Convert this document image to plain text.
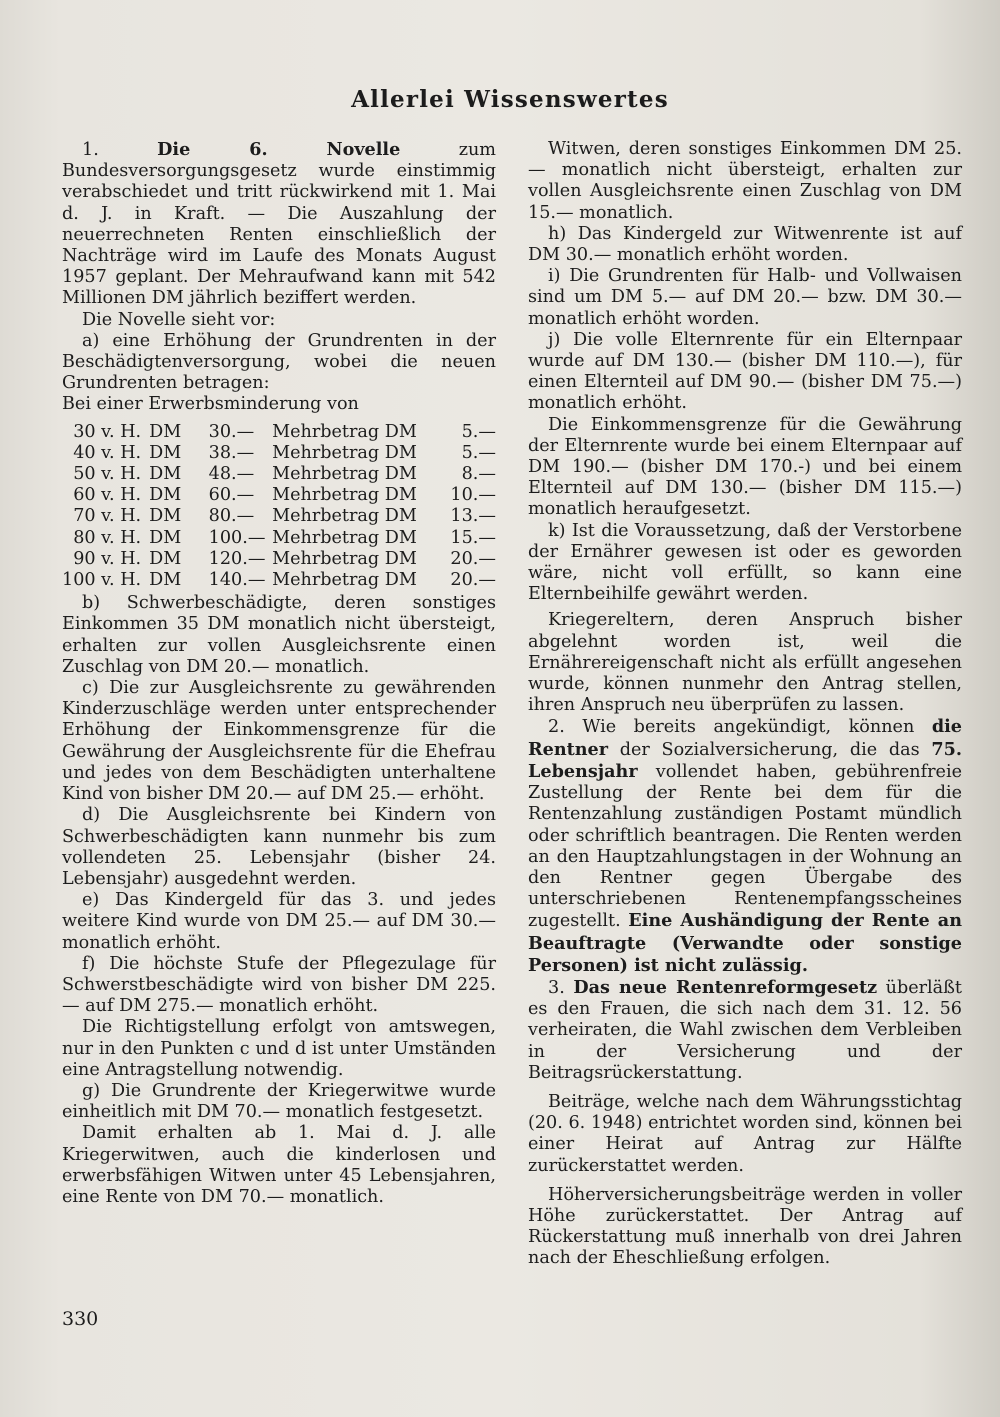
Allerlei Wissenswertes

1. Die 6. Novelle zum Bundesversorgungsgesetz wurde einstimmig verabschiedet und tritt rückwirkend mit 1. Mai d. J. in Kraft. — Die Auszahlung der neuerrechneten Renten einschließlich der Nachträge wird im Laufe des Monats August 1957 geplant. Der Mehraufwand kann mit 542 Millionen DM jährlich beziffert werden.

Die Novelle sieht vor:

a) eine Erhöhung der Grundrenten in der Beschädigtenversorgung, wobei die neuen Grundrenten betragen:

Bei einer Erwerbsminderung von

30 v. H.	DM	30.—	Mehrbetrag DM	5.—
40 v. H.	DM	38.—	Mehrbetrag DM	5.—
50 v. H.	DM	48.—	Mehrbetrag DM	8.—
60 v. H.	DM	60.—	Mehrbetrag DM	10.—
70 v. H.	DM	80.—	Mehrbetrag DM	13.—
80 v. H.	DM	100.—	Mehrbetrag DM	15.—
90 v. H.	DM	120.—	Mehrbetrag DM	20.—
100 v. H.	DM	140.—	Mehrbetrag DM	20.—

b) Schwerbeschädigte, deren sonstiges Einkommen 35 DM monatlich nicht übersteigt, erhalten zur vollen Ausgleichsrente einen Zuschlag von DM 20.— monatlich.

c) Die zur Ausgleichsrente zu gewährenden Kinderzuschläge werden unter entsprechender Erhöhung der Einkommensgrenze für die Gewährung der Ausgleichsrente für die Ehefrau und jedes von dem Beschädigten unterhaltene Kind von bisher DM 20.— auf DM 25.— erhöht.

d) Die Ausgleichsrente bei Kindern von Schwerbeschädigten kann nunmehr bis zum vollendeten 25. Lebensjahr (bisher 24. Lebensjahr) ausgedehnt werden.

e) Das Kindergeld für das 3. und jedes weitere Kind wurde von DM 25.— auf DM 30.— monatlich erhöht.

f) Die höchste Stufe der Pflegezulage für Schwerstbeschädigte wird von bisher DM 225.— auf DM 275.— monatlich erhöht.

Die Richtigstellung erfolgt von amtswegen, nur in den Punkten c und d ist unter Umständen eine Antragstellung notwendig.

g) Die Grundrente der Kriegerwitwe wurde einheitlich mit DM 70.— monatlich festgesetzt.

Damit erhalten ab 1. Mai d. J. alle Kriegerwitwen, auch die kinderlosen und erwerbsfähigen Witwen unter 45 Lebensjahren, eine Rente von DM 70.— monatlich.

Witwen, deren sonstiges Einkommen DM 25.— monatlich nicht übersteigt, erhalten zur vollen Ausgleichsrente einen Zuschlag von DM 15.— monatlich.

h) Das Kindergeld zur Witwenrente ist auf DM 30.— monatlich erhöht worden.

i) Die Grundrenten für Halb- und Vollwaisen sind um DM 5.— auf DM 20.— bzw. DM 30.— monatlich erhöht worden.

j) Die volle Elternrente für ein Elternpaar wurde auf DM 130.— (bisher DM 110.—), für einen Elternteil auf DM 90.— (bisher DM 75.—) monatlich erhöht.

Die Einkommensgrenze für die Gewährung der Elternrente wurde bei einem Elternpaar auf DM 190.— (bisher DM 170.-) und bei einem Elternteil auf DM 130.— (bisher DM 115.—) monatlich heraufgesetzt.

k) Ist die Voraussetzung, daß der Verstorbene der Ernährer gewesen ist oder es geworden wäre, nicht voll erfüllt, so kann eine Elternbeihilfe gewährt werden.

Kriegereltern, deren Anspruch bisher abgelehnt worden ist, weil die Ernährereigenschaft nicht als erfüllt angesehen wurde, können nunmehr den Antrag stellen, ihren Anspruch neu überprüfen zu lassen.

2. Wie bereits angekündigt, können die Rentner der Sozialversicherung, die das 75. Lebensjahr vollendet haben, gebührenfreie Zustellung der Rente bei dem für die Rentenzahlung zuständigen Postamt mündlich oder schriftlich beantragen. Die Renten werden an den Hauptzahlungstagen in der Wohnung an den Rentner gegen Übergabe des unterschriebenen Rentenempfangsscheines zugestellt. Eine Aushändigung der Rente an Beauftragte (Verwandte oder sonstige Personen) ist nicht zulässig.

3. Das neue Rentenreformgesetz überläßt es den Frauen, die sich nach dem 31. 12. 56 verheiraten, die Wahl zwischen dem Verbleiben in der Versicherung und der Beitragsrückerstattung.

Beiträge, welche nach dem Währungsstichtag (20. 6. 1948) entrichtet worden sind, können bei einer Heirat auf Antrag zur Hälfte zurückerstattet werden.

Höherversicherungsbeiträge werden in voller Höhe zurückerstattet. Der Antrag auf Rückerstattung muß innerhalb von drei Jahren nach der Eheschließung erfolgen.

330
